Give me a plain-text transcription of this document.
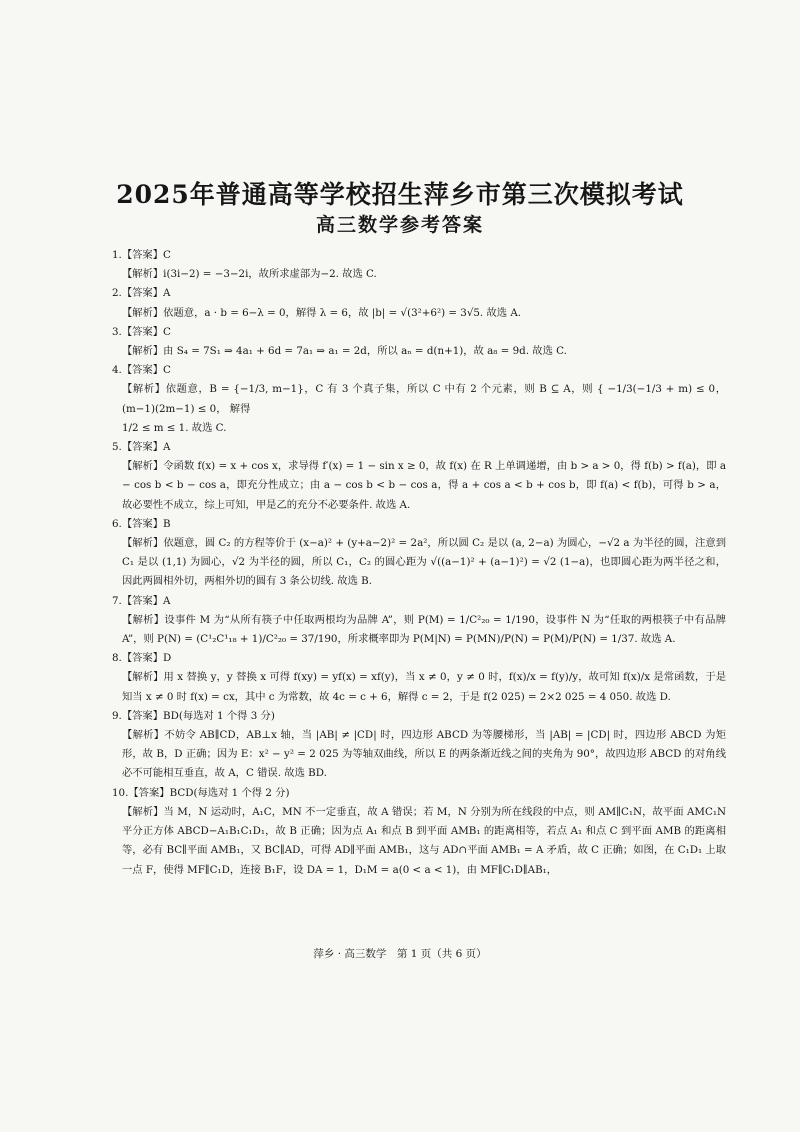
2025年普通高等学校招生萍乡市第三次模拟考试
高三数学参考答案
1.【答案】C
【解析】i(3i−2) = −3−2i，故所求虚部为−2. 故选 C.
2.【答案】A
【解析】依题意，a · b = 6−λ = 0，解得 λ = 6，故 |b| = √(3²+6²) = 3√5. 故选 A.
3.【答案】C
【解析】由 S₄ = 7S₁ ⇒ 4a₁ + 6d = 7a₁ ⇒ a₁ = 2d，所以 aₙ = d(n+1)，故 a₈ = 9d. 故选 C.
4.【答案】C
【解析】依题意，B = {−1/3, m−1}，C 有 3 个真子集，所以 C 中有 2 个元素，则 B ⊆ A，则 { −1/3(−1/3 + m) ≤ 0，(m−1)(2m−1) ≤ 0， 解得
1/2 ≤ m ≤ 1. 故选 C.
5.【答案】A
【解析】令函数 f(x) = x + cos x，求导得 f′(x) = 1 − sin x ≥ 0，故 f(x) 在 R 上单调递增，由 b > a > 0，得 f(b) > f(a)，即 a − cos b < b − cos a，即充分性成立；由 a − cos b < b − cos a，得 a + cos a < b + cos b，即 f(a) < f(b)，可得 b > a，故必要性不成立，综上可知，甲是乙的充分不必要条件. 故选 A.
6.【答案】B
【解析】依题意，圆 C₂ 的方程等价于 (x−a)² + (y+a−2)² = 2a²，所以圆 C₂ 是以 (a, 2−a) 为圆心，−√2 a 为半径的圆，注意到 C₁ 是以 (1,1) 为圆心，√2 为半径的圆，所以 C₁，C₂ 的圆心距为 √((a−1)² + (a−1)²) = √2 (1−a)，也即圆心距为两半径之和，因此两圆相外切，两相外切的圆有 3 条公切线. 故选 B.
7.【答案】A
【解析】设事件 M 为“从所有筷子中任取两根均为品牌 A”，则 P(M) = 1/C²₂₀ = 1/190，设事件 N 为“任取的两根筷子中有品牌 A”，则 P(N) = (C¹₂C¹₁₈ + 1)/C²₂₀ = 37/190，所求概率即为 P(M|N) = P(MN)/P(N) = P(M)/P(N) = 1/37. 故选 A.
8.【答案】D
【解析】用 x 替换 y，y 替换 x 可得 f(xy) = yf(x) = xf(y)，当 x ≠ 0，y ≠ 0 时，f(x)/x = f(y)/y，故可知 f(x)/x 是常函数，于是知当 x ≠ 0 时 f(x) = cx，其中 c 为常数，故 4c = c + 6，解得 c = 2，于是 f(2 025) = 2×2 025 = 4 050. 故选 D.
9.【答案】BD(每选对 1 个得 3 分)
【解析】不妨令 AB∥CD，AB⊥x 轴，当 |AB| ≠ |CD| 时，四边形 ABCD 为等腰梯形，当 |AB| = |CD| 时，四边形 ABCD 为矩形，故 B，D 正确；因为 E：x² − y² = 2 025 为等轴双曲线，所以 E 的两条渐近线之间的夹角为 90°，故四边形 ABCD 的对角线必不可能相互垂直，故 A，C 错误. 故选 BD.
10.【答案】BCD(每选对 1 个得 2 分)
【解析】当 M，N 运动时，A₁C，MN 不一定垂直，故 A 错误；若 M，N 分别为所在线段的中点，则 AM∥C₁N，故平面 AMC₁N 平分正方体 ABCD−A₁B₁C₁D₁，故 B 正确；因为点 A₁ 和点 B 到平面 AMB₁ 的距离相等，若点 A₁ 和点 C 到平面 AMB 的距离相等，必有 BC∥平面 AMB₁，又 BC∥AD，可得 AD∥平面 AMB₁，这与 AD∩平面 AMB₁ = A 矛盾，故 C 正确；如图，在 C₁D₁ 上取一点 F，使得 MF∥C₁D，连接 B₁F，设 DA = 1，D₁M = a(0 < a < 1)，由 MF∥C₁D∥AB₁，
萍乡 · 高三数学　第 1 页（共 6 页）
